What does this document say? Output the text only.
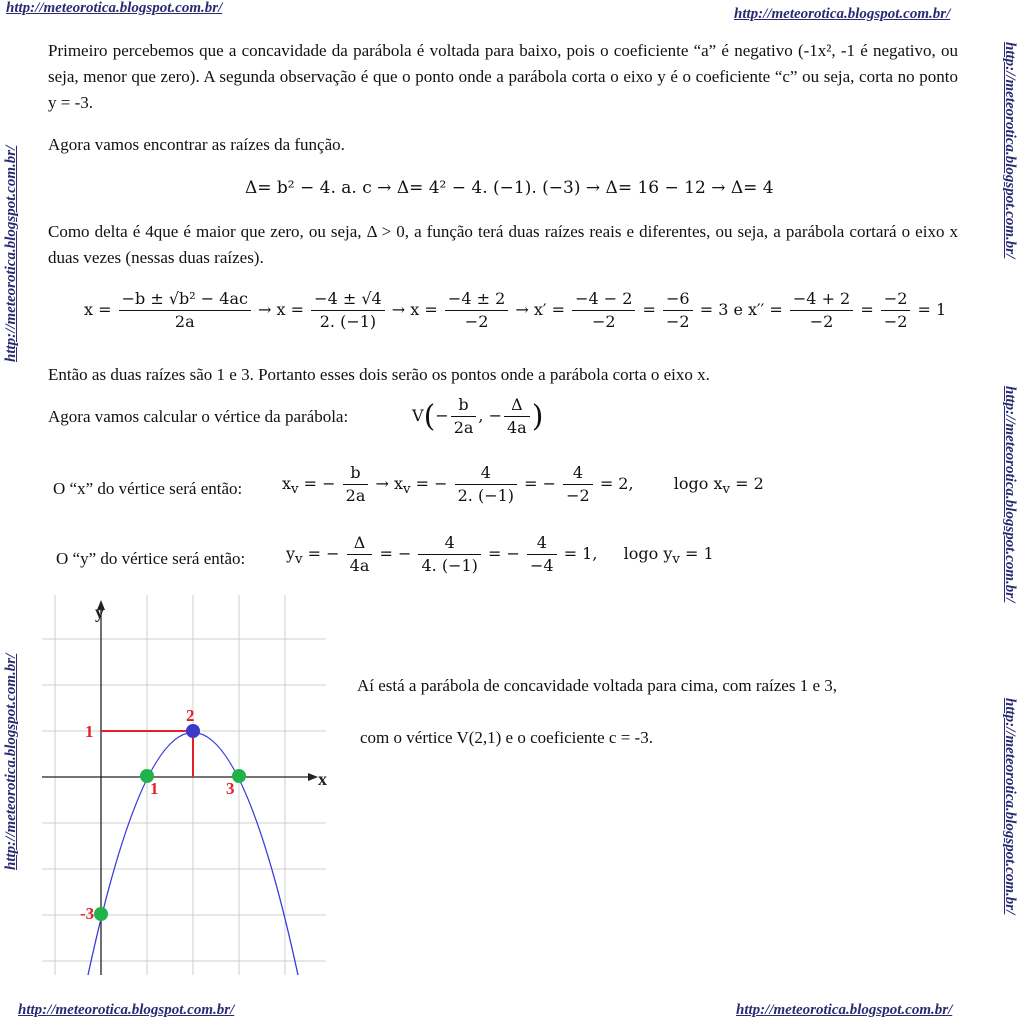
http://meteorotica.blogspot.com.br/	http://meteorotica.blogspot.com.br/
http://meteorotica.blogspot.com.br/	http://meteorotica.blogspot.com.br/
http://meteorotica.blogspot.com.br/
http://meteorotica.blogspot.com.br/
http://meteorotica.blogspot.com.br/
http://meteorotica.blogspot.com.br/
http://meteorotica.blogspot.com.br/
Primeiro percebemos que a concavidade da parábola é voltada para baixo, pois o coeficiente “a” é negativo (-1x², -1 é negativo, ou seja, menor que zero). A segunda observação é que o ponto onde a parábola corta o eixo y é o coeficiente “c” ou seja, corta no ponto y = -3.
Agora vamos encontrar as raízes da função.
Δ= b² − 4. a. c → Δ= 4² − 4. (−1). (−3) → Δ= 16 − 12 → Δ= 4
Como delta é 4que é maior que zero, ou seja, Δ > 0, a função terá duas raízes reais e diferentes, ou seja, a parábola cortará o eixo x duas vezes (nessas duas raízes).
$x = \frac{\text{−b ± √b² − 4ac}}{2a} \to x = \frac{-4 \pm √4}{2. (-1)} \to x = \frac{-4 \pm 2}{-2} \to x' = \frac{-4 - 2}{-2} = \frac{-6}{-2} = 3$ e $x'' = \frac{-4 + 2}{-2} = \frac{-2}{-2} = 1$
Então as duas raízes são 1 e 3. Portanto esses dois serão os pontos onde a parábola corta o eixo x.
Agora vamos calcular o vértice da parábola:	$V(- \frac{b}{2a}$ , − $\frac{\Delta}{4a}$ )
O “x” do vértice será então: $x_v$ = − $\frac{b}{2a} \to x_v$ = − $\frac{4}{2. (-1)}$ = − $\frac{4}{-2} = 2$,	logo $x_v = 2$
O “y” do vértice será então:	$y_v$ = − $\frac{\Delta}{4a}$ = − $\frac{4}{4. (-1)}$ = − $\frac{4}{-4} = 1$, logo $y_v = 1$
y
x
1
2
1	3
-3
Aí está a parábola de concavidade voltada para cima, com raízes 1 e 3,
com o vértice V(2,1) e o coeficiente c = -3.
